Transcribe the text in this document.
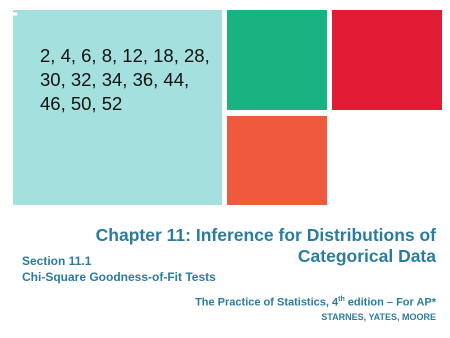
+
2, 4, 6, 8, 12, 18, 28, 30, 32, 34, 36, 44, 46, 50, 52
Chapter 11: Inference for Distributions of Categorical Data
Section 11.1
Chi-Square Goodness-of-Fit Tests
The Practice of Statistics, 4th edition – For AP*
STARNES, YATES, MOORE
